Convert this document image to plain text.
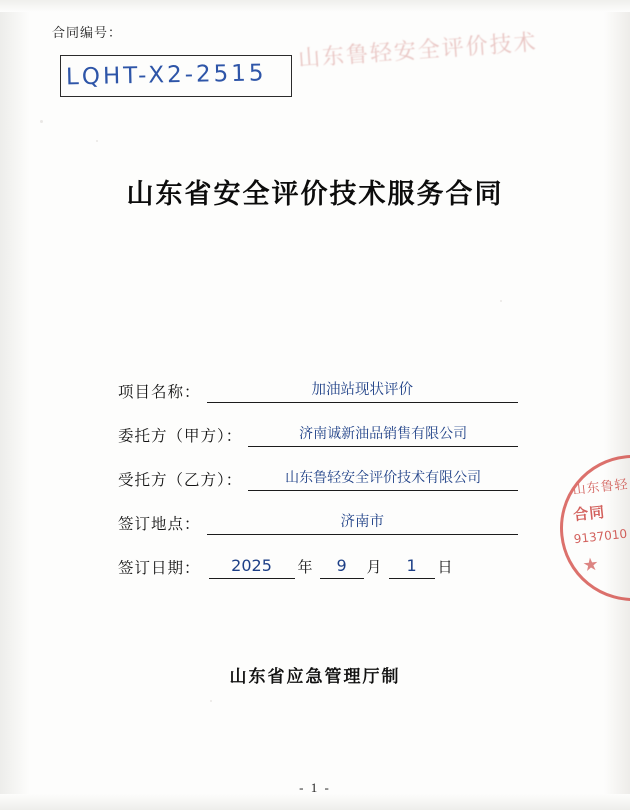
山东鲁轻安全评价技术
合同编号：
LQHT-X2-2515
山东省安全评价技术服务合同
项目名称：	加油站现状评价
委托方（甲方）：	济南诚新油品销售有限公司
受托方（乙方）：	山东鲁轻安全评价技术有限公司
签订地点：	济南市
签订日期：	2025	年	9	月	1	日
山东鲁轻
合同
9137010
★
山东省应急管理厅制
- 1 -
